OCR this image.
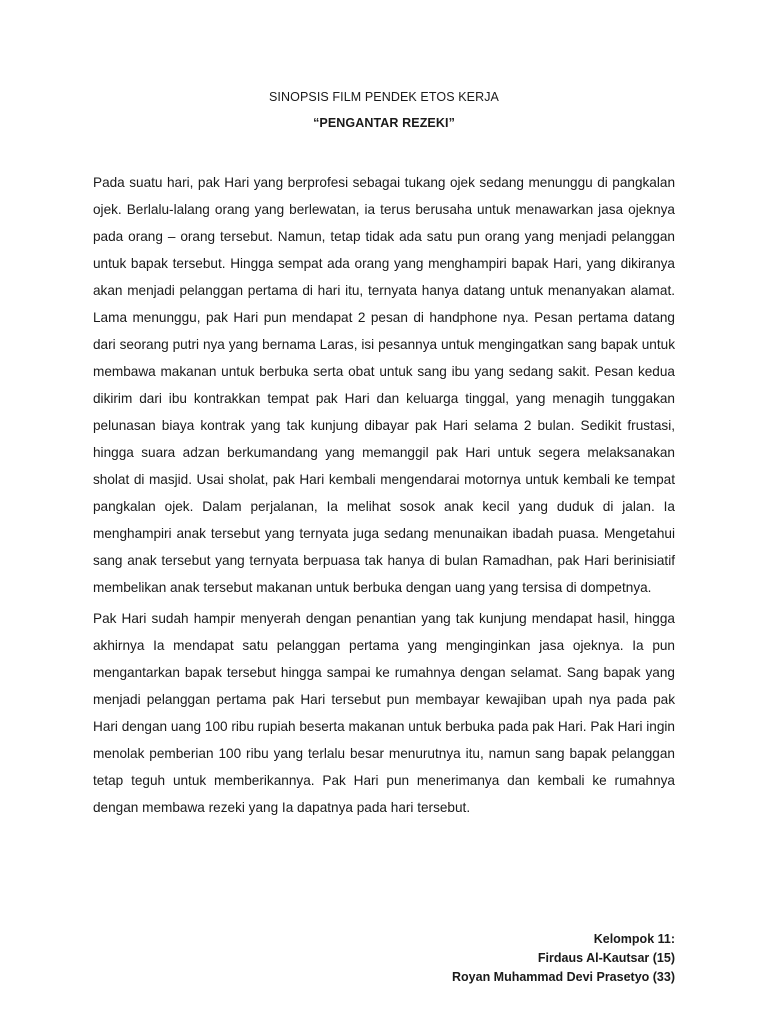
SINOPSIS FILM PENDEK ETOS KERJA
“PENGANTAR REZEKI”

Pada suatu hari, pak Hari yang berprofesi sebagai tukang ojek sedang menunggu di pangkalan ojek. Berlalu-lalang orang yang berlewatan, ia terus berusaha untuk menawarkan jasa ojeknya pada orang – orang tersebut. Namun, tetap tidak ada satu pun orang yang menjadi pelanggan untuk bapak tersebut. Hingga sempat ada orang yang menghampiri bapak Hari, yang dikiranya akan menjadi pelanggan pertama di hari itu, ternyata hanya datang untuk menanyakan alamat. Lama menunggu, pak Hari pun mendapat 2 pesan di handphone nya. Pesan pertama datang dari seorang putri nya yang bernama Laras, isi pesannya untuk mengingatkan sang bapak untuk membawa makanan untuk berbuka serta obat untuk sang ibu yang sedang sakit. Pesan kedua dikirim dari ibu kontrakkan tempat pak Hari dan keluarga tinggal, yang menagih tunggakan pelunasan biaya kontrak yang tak kunjung dibayar pak Hari selama 2 bulan. Sedikit frustasi, hingga suara adzan berkumandang yang memanggil pak Hari untuk segera melaksanakan sholat di masjid. Usai sholat, pak Hari kembali mengendarai motornya untuk kembali ke tempat pangkalan ojek. Dalam perjalanan, Ia melihat sosok anak kecil yang duduk di jalan. Ia menghampiri anak tersebut yang ternyata juga sedang menunaikan ibadah puasa. Mengetahui sang anak tersebut yang ternyata berpuasa tak hanya di bulan Ramadhan, pak Hari berinisiatif membelikan anak tersebut makanan untuk berbuka dengan uang yang tersisa di dompetnya.

Pak Hari sudah hampir menyerah dengan penantian yang tak kunjung mendapat hasil, hingga akhirnya Ia mendapat satu pelanggan pertama yang menginginkan jasa ojeknya. Ia pun mengantarkan bapak tersebut hingga sampai ke rumahnya dengan selamat. Sang bapak yang menjadi pelanggan pertama pak Hari tersebut pun membayar kewajiban upah nya pada pak Hari dengan uang 100 ribu rupiah beserta makanan untuk berbuka pada pak Hari. Pak Hari ingin menolak pemberian 100 ribu yang terlalu besar menurutnya itu, namun sang bapak pelanggan tetap teguh untuk memberikannya. Pak Hari pun menerimanya dan kembali ke rumahnya dengan membawa rezeki yang Ia dapatnya pada hari tersebut.

Kelompok 11:
Firdaus Al-Kautsar (15)
Royan Muhammad Devi Prasetyo (33)
